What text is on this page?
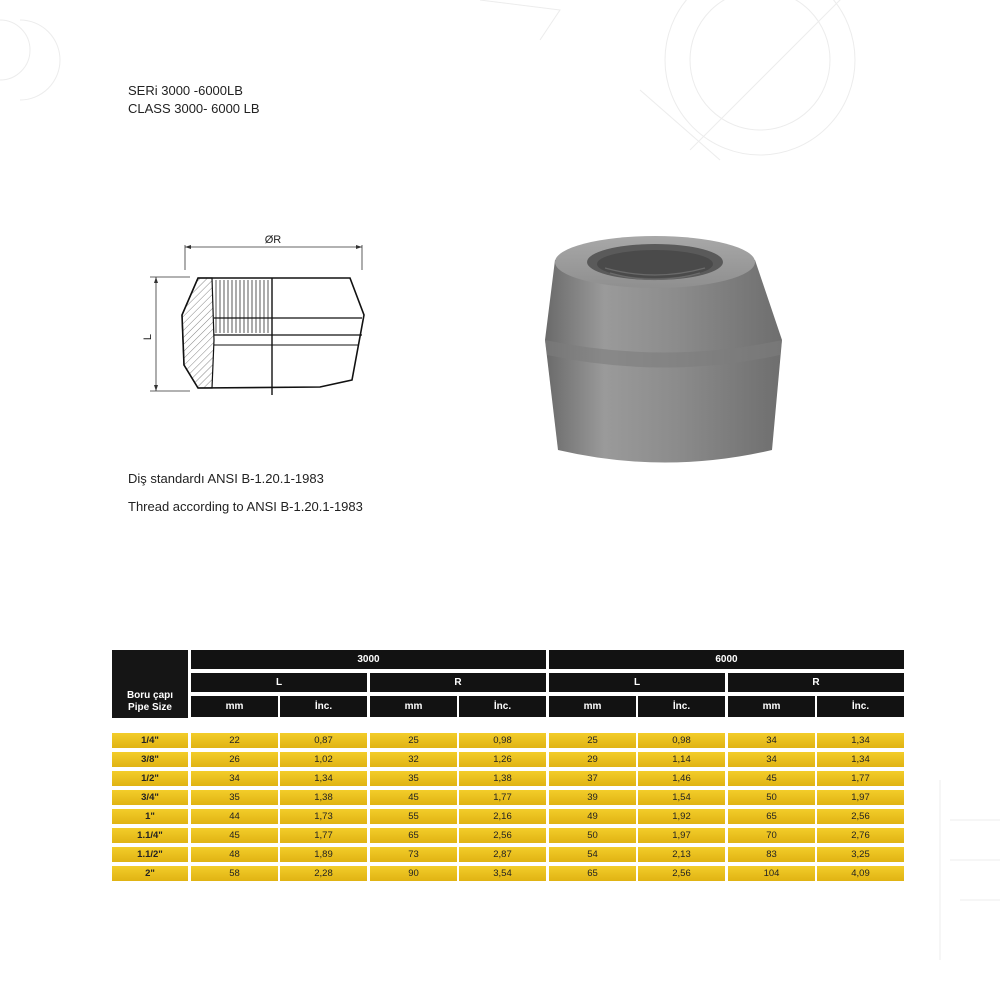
SERi 3000 -6000LB
CLASS 3000- 6000 LB
ØR
L
Diş standardı ANSI B-1.20.1-1983
Thread according to ANSI B-1.20.1-1983
Boru çapı
Pipe Size
3000	6000
L	R	L	R
mm	İnc.	mm	İnc.	mm	İnc.	mm	İnc.
1/4"	22	0,87	25	0,98	25	0,98	34	1,34
3/8"	26	1,02	32	1,26	29	1,14	34	1,34
1/2"	34	1,34	35	1,38	37	1,46	45	1,77
3/4"	35	1,38	45	1,77	39	1,54	50	1,97
1"	44	1,73	55	2,16	49	1,92	65	2,56
1.1/4"	45	1,77	65	2,56	50	1,97	70	2,76
1.1/2"	48	1,89	73	2,87	54	2,13	83	3,25
2"	58	2,28	90	3,54	65	2,56	104	4,09
